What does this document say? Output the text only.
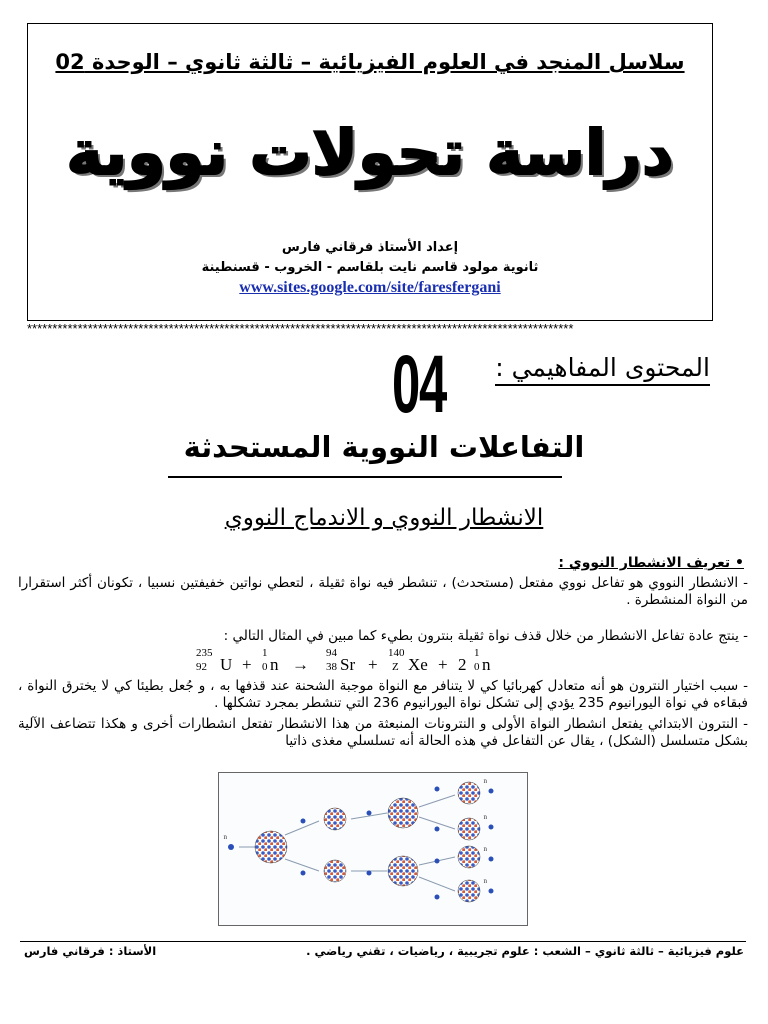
سلاسل المنجد في العلوم الفيزيائية – ثالثة ثانوي – الوحدة 02
دراسة تحولات نووية
إعداد الأستاذ فرقاني فارس
ثانوية مولود قاسم نايت بلقاسم - الخروب - قسنطينة
www.sites.google.com/site/faresfergani
************************************************************************************************************
المحتوى المفاهيمي :
04
التفاعلات النووية المستحدثة
الانشطار النووي و الاندماج النووي
• تعريف الانشطار النووي :
- الانشطار النووي هو تفاعل نووي مفتعل (مستحدث) ، تنشطر فيه نواة ثقيلة ، لتعطي نواتين خفيفتين نسبيا ، تكونان أكثر استقرارا من النواة المنشطرة .
- ينتج عادة تفاعل الانشطار من خلال قذف نواة ثقيلة بنترون بطيء كما مبين في المثال التالي :
235
92 U +
1
0 n →
94
38 Sr +
140
Z Xe + 2
1
0 n
- سبب اختيار النترون هو أنه متعادل كهربائيا كي لا يتنافر مع النواة موجبة الشحنة عند قذفها به ، و جُعل بطيئا كي لا يخترق النواة ، فبقاءه في نواة اليورانيوم 235 يؤدي إلى تشكل نواة اليورانيوم 236 التي تنشطر بمجرد تشكلها .
- النترون الابتدائي يفتعل انشطار النواة الأولى و النترونات المنبعثة من هذا الانشطار تفتعل انشطارات أخرى و هكذا تتضاعف الآلية بشكل متسلسل (الشكل) ، يقال عن التفاعل في هذه الحالة أنه تسلسلي مغذى ذاتيا
n
n
n
n
n
الأستاذ : فرقاني فارس	علوم فيزيائية – ثالثة ثانوي – الشعب : علوم تجريبية ، رياضيات ، تقني رياضي .
